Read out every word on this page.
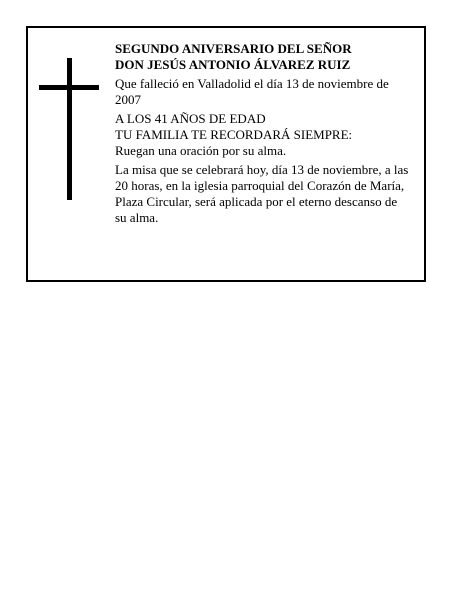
SEGUNDO ANIVERSARIO DEL SEÑOR

DON JESÚS ANTONIO ÁLVAREZ RUIZ

Que falleció en Valladolid el día 13 de noviembre de 2007

A LOS 41 AÑOS DE EDAD

TU FAMILIA TE RECORDARÁ SIEMPRE:

Ruegan una oración por su alma.

La misa que se celebrará hoy, día 13 de noviembre, a las 20 horas, en la iglesia parroquial del Corazón de María, Plaza Circular, será aplicada por el eterno descanso de su alma.
